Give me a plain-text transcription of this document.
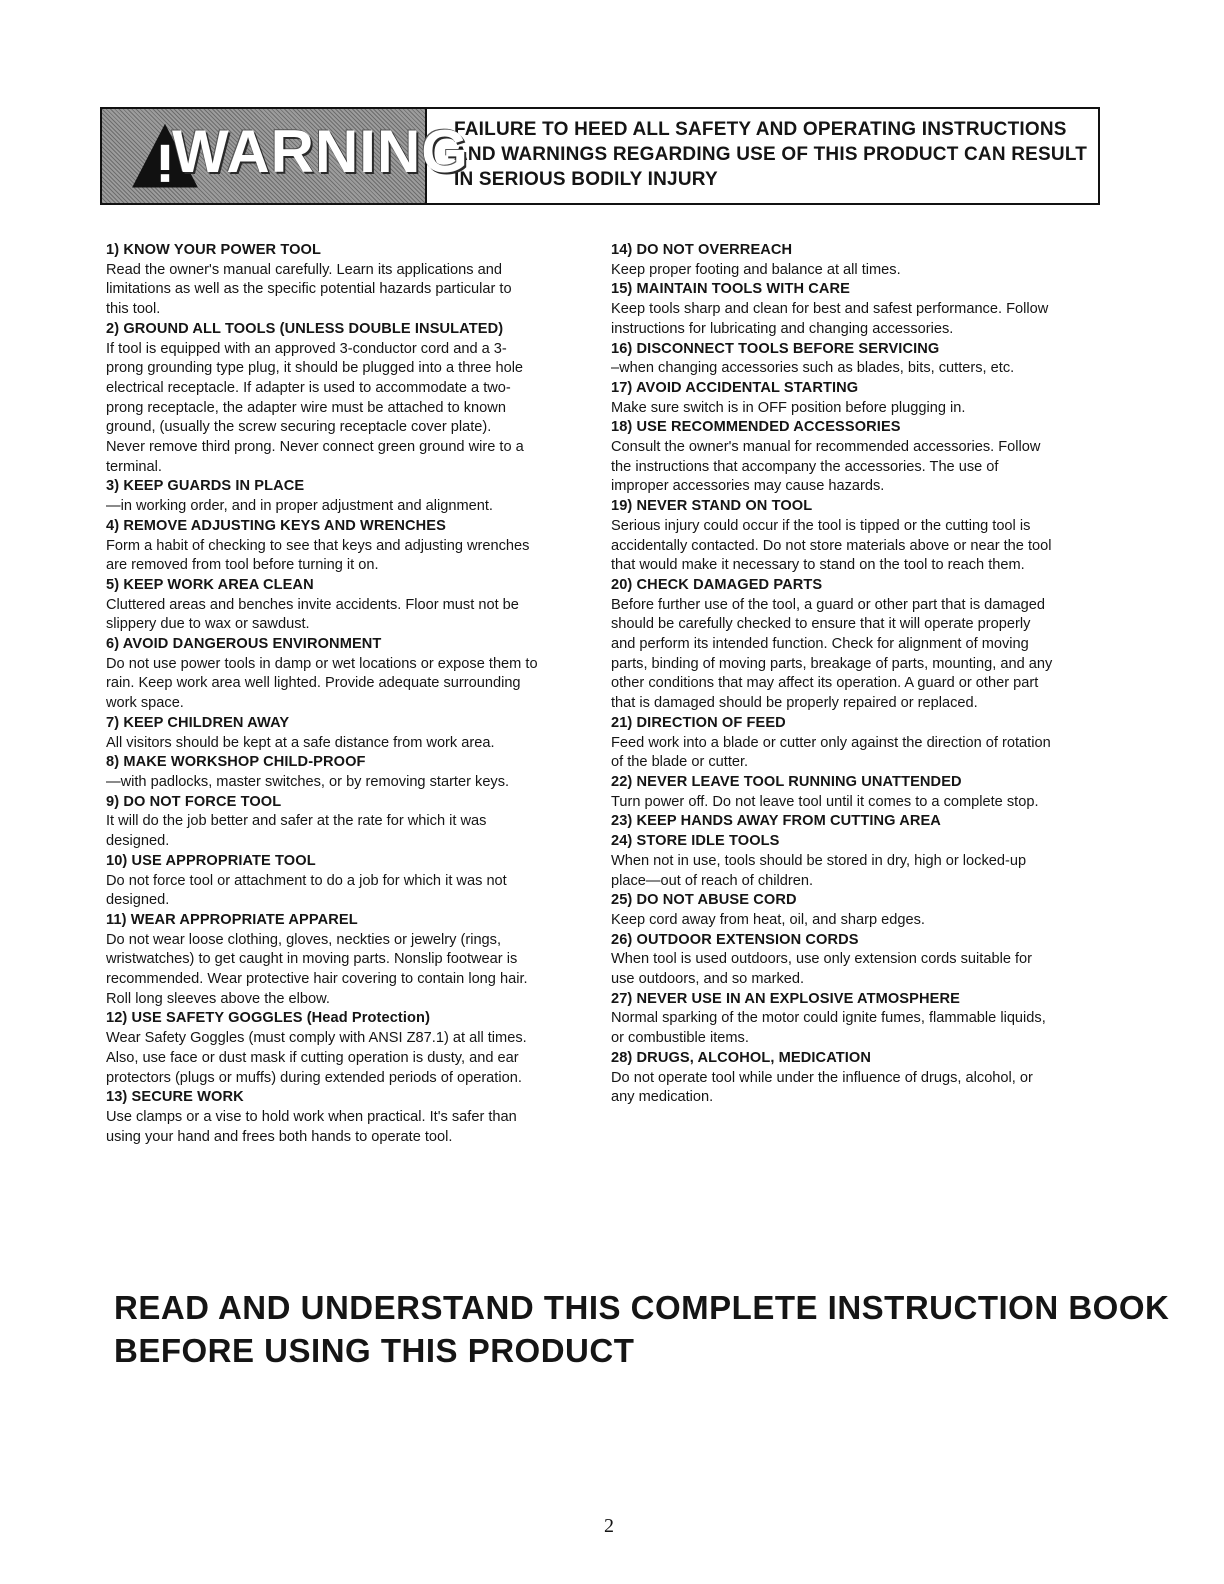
WARNING
FAILURE TO HEED ALL SAFETY AND OPERATING INSTRUCTIONS
AND WARNINGS REGARDING USE OF THIS PRODUCT CAN RESULT
IN SERIOUS BODILY INJURY
1) KNOW YOUR POWER TOOL
Read the owner's manual carefully. Learn its applications and
limitations as well as the specific potential hazards particular to
this tool.
2) GROUND ALL TOOLS (UNLESS DOUBLE INSULATED)
If tool is equipped with an approved 3-conductor cord and a 3-
prong grounding type plug, it should be plugged into a three hole
electrical receptacle. If adapter is used to accommodate a two-
prong receptacle, the adapter wire must be attached to known
ground, (usually the screw securing receptacle cover plate).
Never remove third prong. Never connect green ground wire to a
terminal.
3) KEEP GUARDS IN PLACE
—in working order, and in proper adjustment and alignment.
4) REMOVE ADJUSTING KEYS AND WRENCHES
Form a habit of checking to see that keys and adjusting wrenches
are removed from tool before turning it on.
5) KEEP WORK AREA CLEAN
Cluttered areas and benches invite accidents. Floor must not be
slippery due to wax or sawdust.
6) AVOID DANGEROUS ENVIRONMENT
Do not use power tools in damp or wet locations or expose them to
rain. Keep work area well lighted. Provide adequate surrounding
work space.
7) KEEP CHILDREN AWAY
All visitors should be kept at a safe distance from work area.
8) MAKE WORKSHOP CHILD-PROOF
—with padlocks, master switches, or by removing starter keys.
9) DO NOT FORCE TOOL
It will do the job better and safer at the rate for which it was
designed.
10) USE APPROPRIATE TOOL
Do not force tool or attachment to do a job for which it was not
designed.
11) WEAR APPROPRIATE APPAREL
Do not wear loose clothing, gloves, neckties or jewelry (rings,
wristwatches) to get caught in moving parts. Nonslip footwear is
recommended. Wear protective hair covering to contain long hair.
Roll long sleeves above the elbow.
12) USE SAFETY GOGGLES (Head Protection)
Wear Safety Goggles (must comply with ANSI Z87.1) at all times.
Also, use face or dust mask if cutting operation is dusty, and ear
protectors (plugs or muffs) during extended periods of operation.
13) SECURE WORK
Use clamps or a vise to hold work when practical. It's safer than
using your hand and frees both hands to operate tool.
14) DO NOT OVERREACH
Keep proper footing and balance at all times.
15) MAINTAIN TOOLS WITH CARE
Keep tools sharp and clean for best and safest performance. Follow
instructions for lubricating and changing accessories.
16) DISCONNECT TOOLS BEFORE SERVICING
–when changing accessories such as blades, bits, cutters, etc.
17) AVOID ACCIDENTAL STARTING
Make sure switch is in OFF position before plugging in.
18) USE RECOMMENDED ACCESSORIES
Consult the owner's manual for recommended accessories. Follow
the instructions that accompany the accessories. The use of
improper accessories may cause hazards.
19) NEVER STAND ON TOOL
Serious injury could occur if the tool is tipped or the cutting tool is
accidentally contacted. Do not store materials above or near the tool
that would make it necessary to stand on the tool to reach them.
20) CHECK DAMAGED PARTS
Before further use of the tool, a guard or other part that is damaged
should be carefully checked to ensure that it will operate properly
and perform its intended function. Check for alignment of moving
parts, binding of moving parts, breakage of parts, mounting, and any
other conditions that may affect its operation. A guard or other part
that is damaged should be properly repaired or replaced.
21) DIRECTION OF FEED
Feed work into a blade or cutter only against the direction of rotation
of the blade or cutter.
22) NEVER LEAVE TOOL RUNNING UNATTENDED
Turn power off. Do not leave tool until it comes to a complete stop.
23) KEEP HANDS AWAY FROM CUTTING AREA
24) STORE IDLE TOOLS
When not in use, tools should be stored in dry, high or locked-up
place—out of reach of children.
25) DO NOT ABUSE CORD
Keep cord away from heat, oil, and sharp edges.
26) OUTDOOR EXTENSION CORDS
When tool is used outdoors, use only extension cords suitable for
use outdoors, and so marked.
27) NEVER USE IN AN EXPLOSIVE ATMOSPHERE
Normal sparking of the motor could ignite fumes, flammable liquids,
or combustible items.
28) DRUGS, ALCOHOL, MEDICATION
Do not operate tool while under the influence of drugs, alcohol, or
any medication.
READ AND UNDERSTAND THIS COMPLETE INSTRUCTION BOOK
BEFORE USING THIS PRODUCT
2
